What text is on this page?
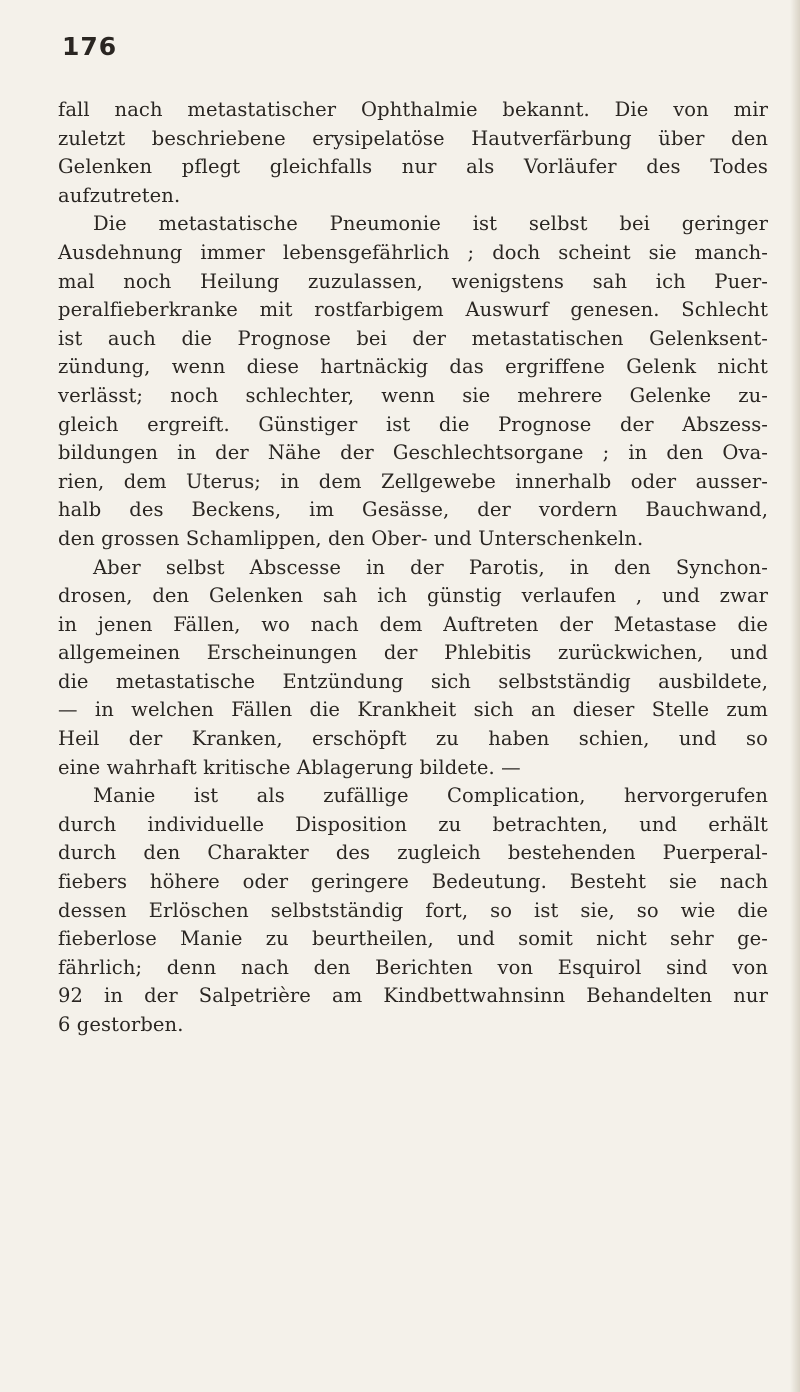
176

fall nach metastatischer Ophthalmie bekannt. Die von mir
zuletzt beschriebene erysipelatöse Hautverfärbung über den
Gelenken pflegt gleichfalls nur als Vorläufer des Todes
aufzutreten.

Die metastatische Pneumonie ist selbst bei geringer
Ausdehnung immer lebensgefährlich ; doch scheint sie manch-
mal noch Heilung zuzulassen, wenigstens sah ich Puer-
peralfieberkranke mit rostfarbigem Auswurf genesen. Schlecht
ist auch die Prognose bei der metastatischen Gelenksent-
zündung, wenn diese hartnäckig das ergriffene Gelenk nicht
verlässt; noch schlechter, wenn sie mehrere Gelenke zu-
gleich ergreift. Günstiger ist die Prognose der Abszess-
bildungen in der Nähe der Geschlechtsorgane ; in den Ova-
rien, dem Uterus; in dem Zellgewebe innerhalb oder ausser-
halb des Beckens, im Gesässe, der vordern Bauchwand,
den grossen Schamlippen, den Ober- und Unterschenkeln.

Aber selbst Abscesse in der Parotis, in den Synchon-
drosen, den Gelenken sah ich günstig verlaufen , und zwar
in jenen Fällen, wo nach dem Auftreten der Metastase die
allgemeinen Erscheinungen der Phlebitis zurückwichen, und
die metastatische Entzündung sich selbstständig ausbildete,
— in welchen Fällen die Krankheit sich an dieser Stelle zum
Heil der Kranken, erschöpft zu haben schien, und so
eine wahrhaft kritische Ablagerung bildete. —

Manie ist als zufällige Complication, hervorgerufen
durch individuelle Disposition zu betrachten, und erhält
durch den Charakter des zugleich bestehenden Puerperal-
fiebers höhere oder geringere Bedeutung. Besteht sie nach
dessen Erlöschen selbstständig fort, so ist sie, so wie die
fieberlose Manie zu beurtheilen, und somit nicht sehr ge-
fährlich; denn nach den Berichten von Esquirol sind von
92 in der Salpetrière am Kindbettwahnsinn Behandelten nur
6 gestorben.
